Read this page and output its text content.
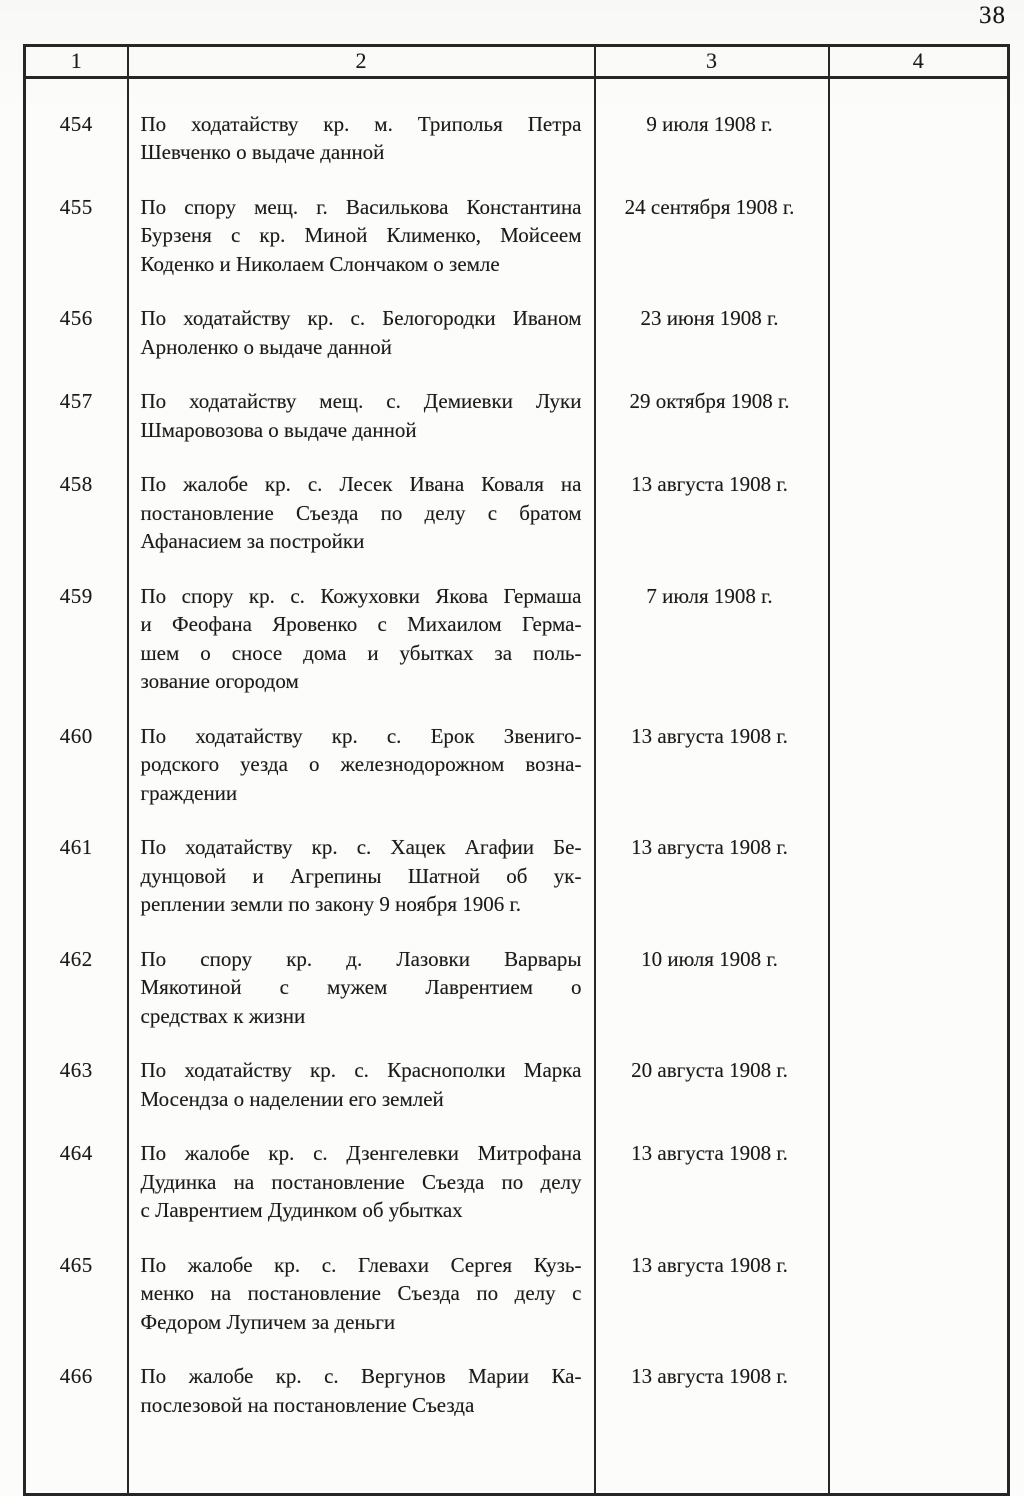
38
1	2	3	4
454	По ходатайству кр. м. Триполья Петра
Шевченко о выдаче данной	9 июля 1908 г.	
455	По спору мещ. г. Василькова Константина
Бурзеня с кр. Миной Клименко, Мойсеем
Коденко и Николаем Слончаком о земле	24 сентября 1908 г.	
456	По ходатайству кр. с. Белогородки Иваном
Арноленко о выдаче данной	23 июня 1908 г.	
457	По ходатайству мещ. с. Демиевки Луки
Шмаровозова о выдаче данной	29 октября 1908 г.	
458	По жалобе кр. с. Лесек Ивана Коваля на
постановление Съезда по делу с братом
Афанасием за постройки	13 августа 1908 г.	
459	По спору кр. с. Кожуховки Якова Гермаша
и Феофана Яровенко с Михаилом Герма-
шем о сносе дома и убытках за поль-
зование огородом	7 июля 1908 г.	
460	По ходатайству кр. с. Ерок Звениго-
родского уезда о железнодорожном возна-
граждении	13 августа 1908 г.	
461	По ходатайству кр. с. Хацек Агафии Бе-
дунцовой и Агрепины Шатной об ук-
реплении земли по закону 9 ноября 1906 г.	13 августа 1908 г.	
462	По спору кр. д. Лазовки Варвары
Мякотиной с мужем Лаврентием о
средствах к жизни	10 июля 1908 г.	
463	По ходатайству кр. с. Краснополки Марка
Мосендза о наделении его землей	20 августа 1908 г.	
464	По жалобе кр. с. Дзенгелевки Митрофана
Дудинка на постановление Съезда по делу
с Лаврентием Дудинком об убытках	13 августа 1908 г.	
465	По жалобе кр. с. Глевахи Сергея Кузь-
менко на постановление Съезда по делу с
Федором Лупичем за деньги	13 августа 1908 г.	
466	По жалобе кр. с. Вергунов Марии Ка-
послезовой на постановление Съезда	13 августа 1908 г.	
